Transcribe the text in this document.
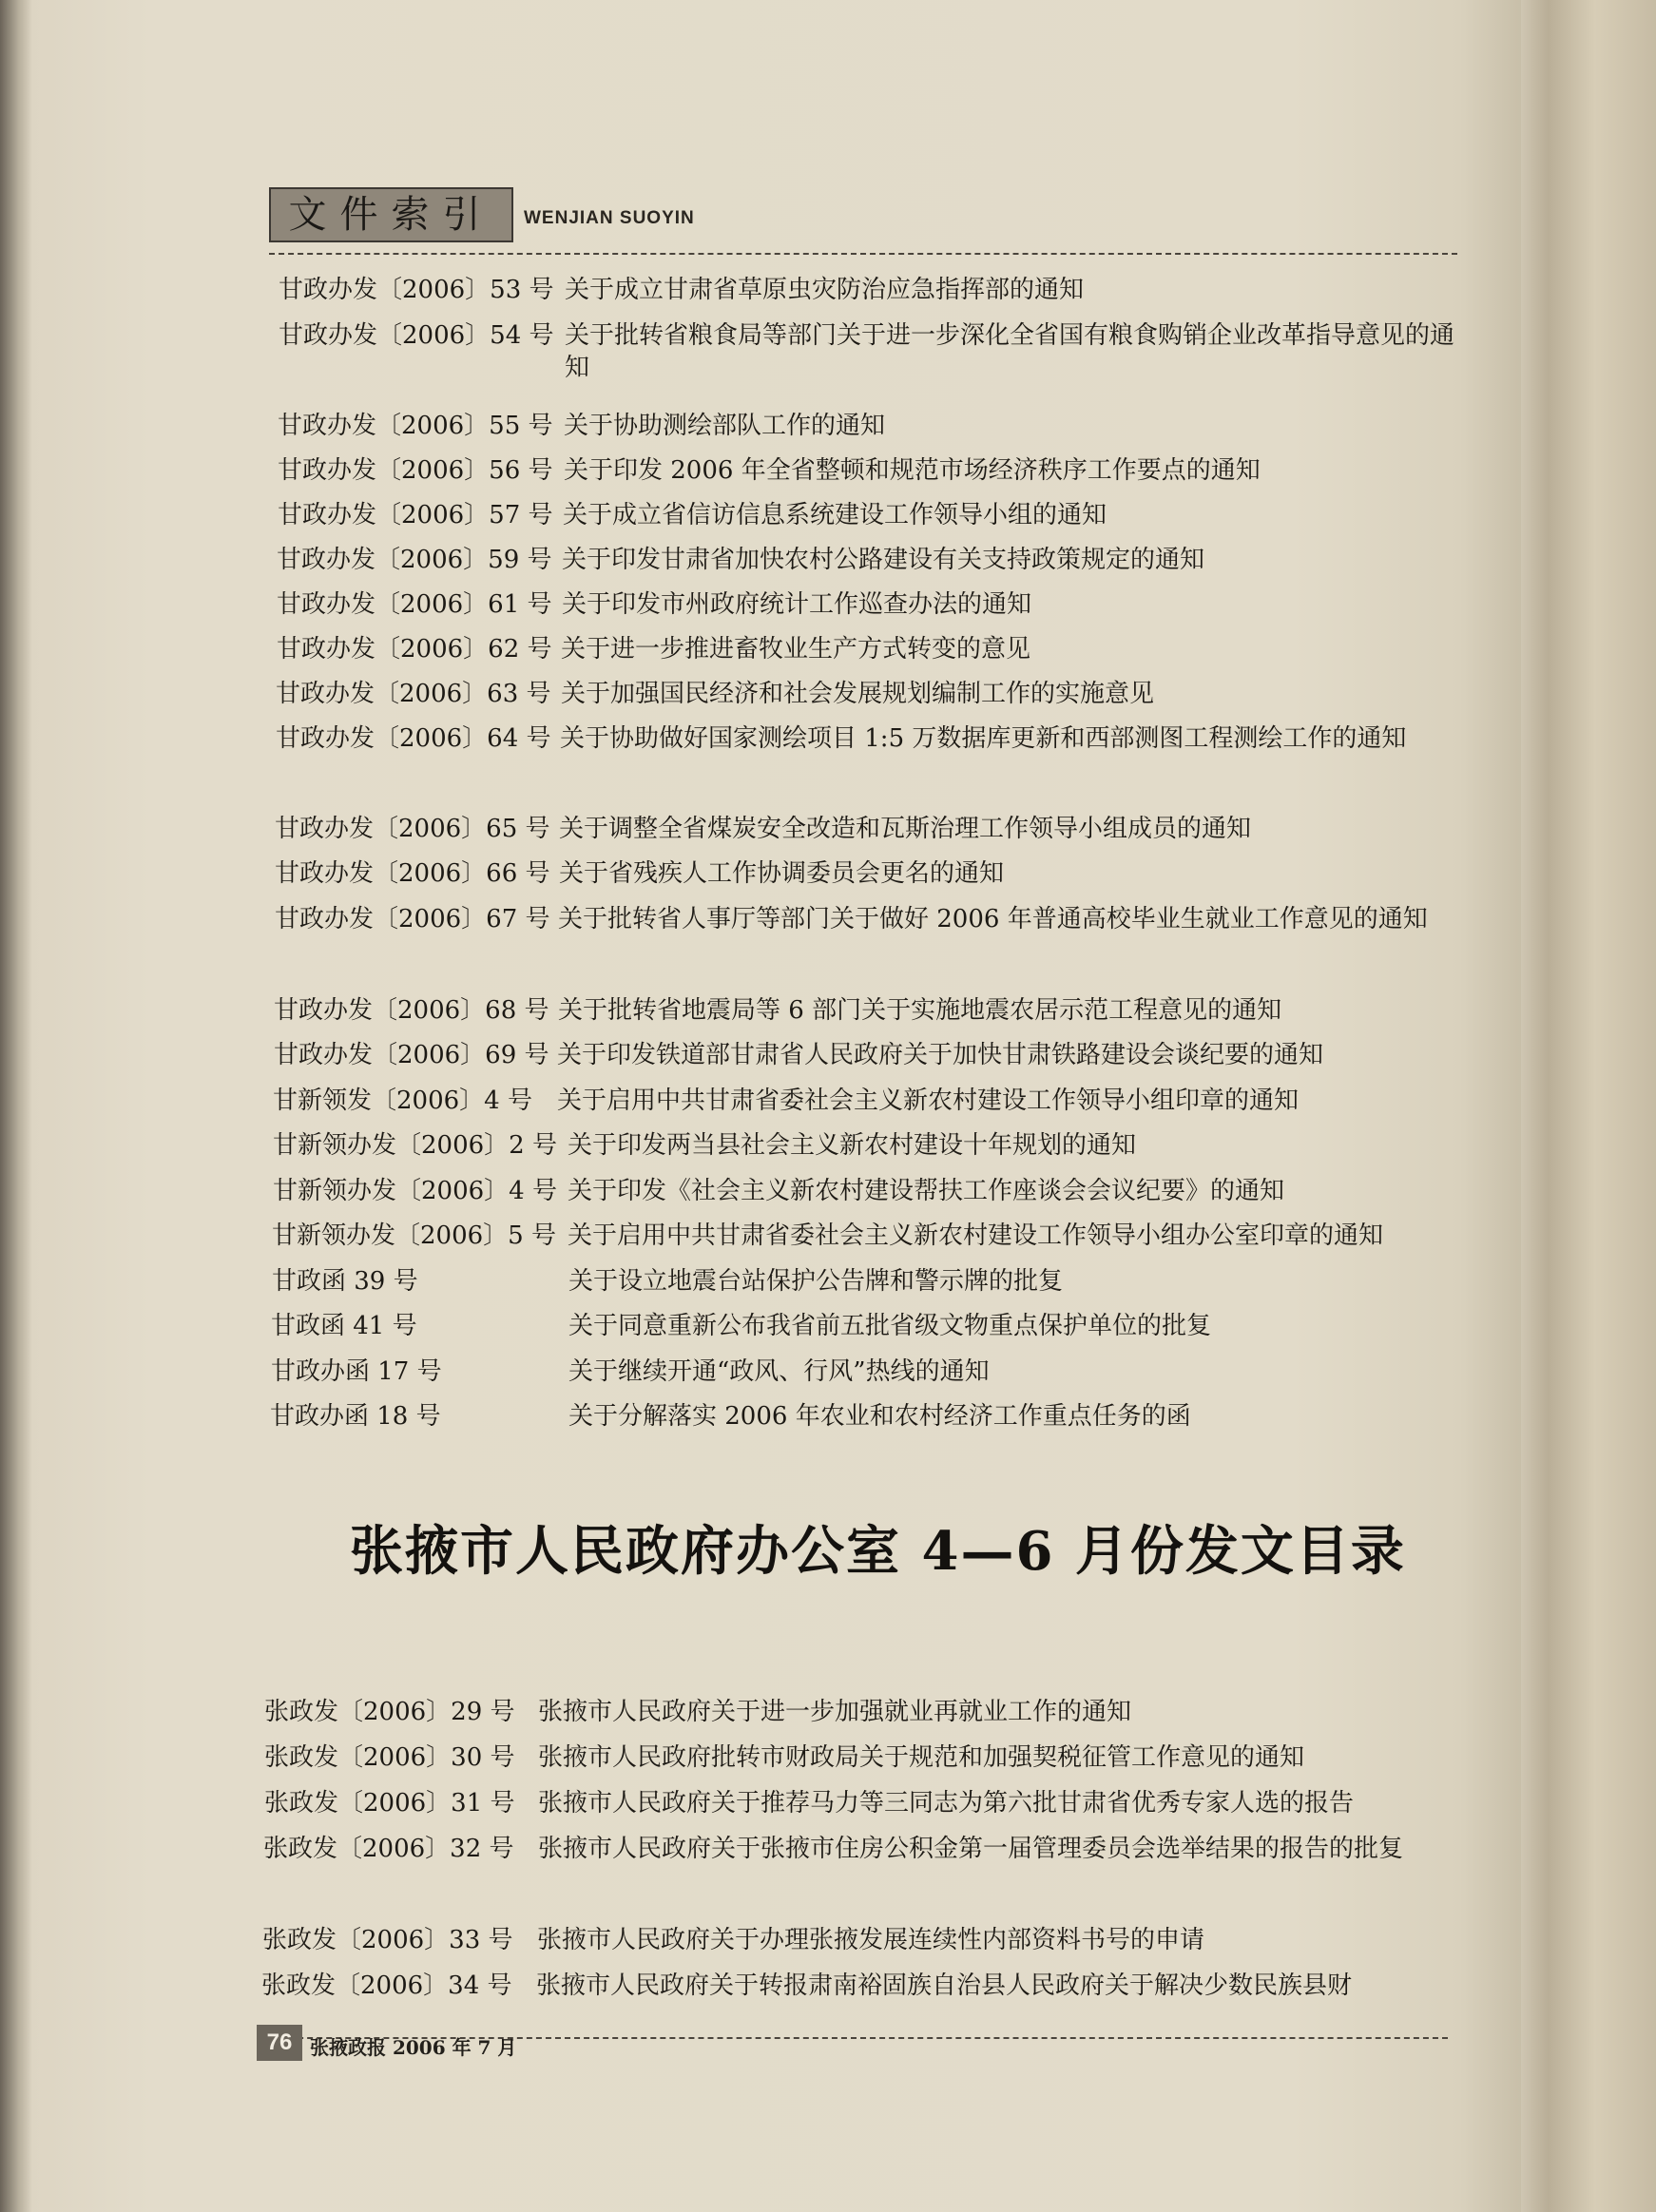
文件索引	WENJIAN SUOYIN
甘政办发〔2006〕53 号 关于成立甘肃省草原虫灾防治应急指挥部的通知
甘政办发〔2006〕54 号 关于批转省粮食局等部门关于进一步深化全省国有粮食购销企业改革指导意见的通知
甘政办发〔2006〕55 号 关于协助测绘部队工作的通知
甘政办发〔2006〕56 号 关于印发 2006 年全省整顿和规范市场经济秩序工作要点的通知
甘政办发〔2006〕57 号 关于成立省信访信息系统建设工作领导小组的通知
甘政办发〔2006〕59 号 关于印发甘肃省加快农村公路建设有关支持政策规定的通知
甘政办发〔2006〕61 号 关于印发市州政府统计工作巡查办法的通知
甘政办发〔2006〕62 号 关于进一步推进畜牧业生产方式转变的意见
甘政办发〔2006〕63 号 关于加强国民经济和社会发展规划编制工作的实施意见
甘政办发〔2006〕64 号 关于协助做好国家测绘项目 1:5 万数据库更新和西部测图工程测绘工作的通知
甘政办发〔2006〕65 号 关于调整全省煤炭安全改造和瓦斯治理工作领导小组成员的通知
甘政办发〔2006〕66 号 关于省残疾人工作协调委员会更名的通知
甘政办发〔2006〕67 号 关于批转省人事厅等部门关于做好 2006 年普通高校毕业生就业工作意见的通知
甘政办发〔2006〕68 号 关于批转省地震局等 6 部门关于实施地震农居示范工程意见的通知
甘政办发〔2006〕69 号 关于印发铁道部甘肃省人民政府关于加快甘肃铁路建设会谈纪要的通知
甘新领发〔2006〕4 号 关于启用中共甘肃省委社会主义新农村建设工作领导小组印章的通知
甘新领办发〔2006〕2 号 关于印发两当县社会主义新农村建设十年规划的通知
甘新领办发〔2006〕4 号 关于印发《社会主义新农村建设帮扶工作座谈会会议纪要》的通知
甘新领办发〔2006〕5 号 关于启用中共甘肃省委社会主义新农村建设工作领导小组办公室印章的通知
甘政函 39 号	关于设立地震台站保护公告牌和警示牌的批复
甘政函 41 号	关于同意重新公布我省前五批省级文物重点保护单位的批复
甘政办函 17 号	关于继续开通“政风、行风”热线的通知
甘政办函 18 号	关于分解落实 2006 年农业和农村经济工作重点任务的函
张掖市人民政府办公室 4—6 月份发文目录
张政发〔2006〕29 号 张掖市人民政府关于进一步加强就业再就业工作的通知
张政发〔2006〕30 号 张掖市人民政府批转市财政局关于规范和加强契税征管工作意见的通知
张政发〔2006〕31 号 张掖市人民政府关于推荐马力等三同志为第六批甘肃省优秀专家人选的报告
张政发〔2006〕32 号 张掖市人民政府关于张掖市住房公积金第一届管理委员会选举结果的报告的批复
张政发〔2006〕33 号 张掖市人民政府关于办理张掖发展连续性内部资料书号的申请
张政发〔2006〕34 号 张掖市人民政府关于转报肃南裕固族自治县人民政府关于解决少数民族县财
76 张掖政报 2006 年 7 月
